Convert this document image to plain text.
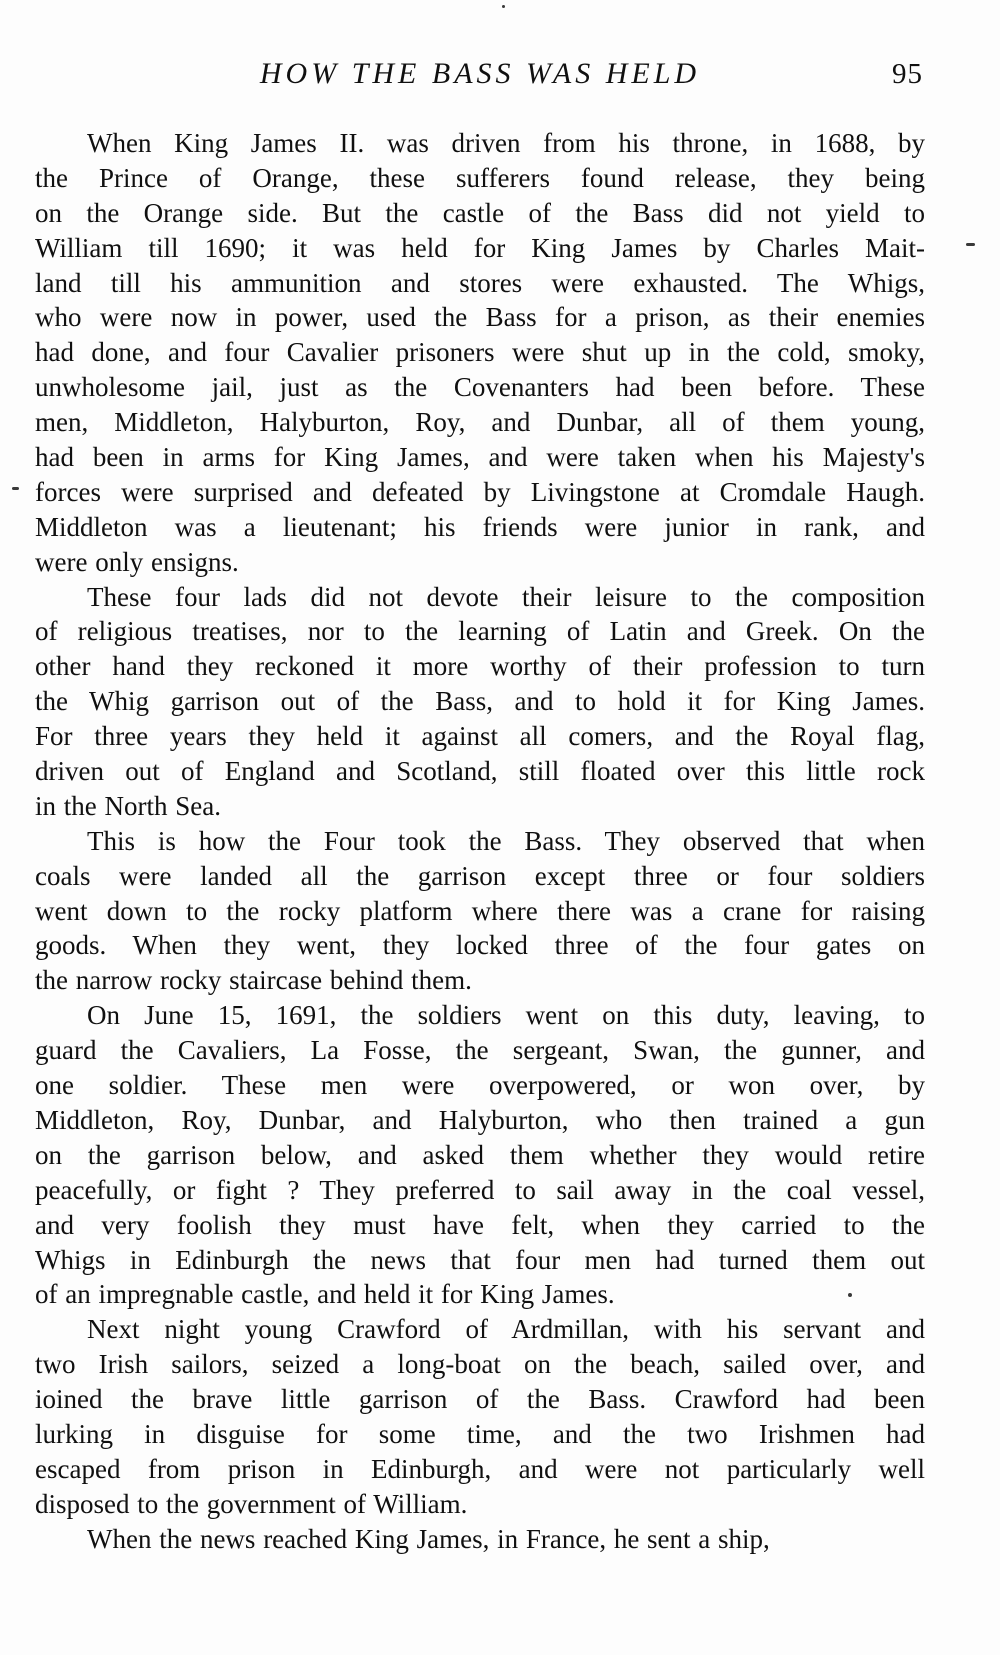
HOW THE BASS WAS HELD	95
When King James II. was driven from his throne, in 1688, by
the Prince of Orange, these sufferers found release, they being
on the Orange side. But the castle of the Bass did not yield to
William till 1690; it was held for King James by Charles Mait-
land till his ammunition and stores were exhausted. The Whigs,
who were now in power, used the Bass for a prison, as their enemies
had done, and four Cavalier prisoners were shut up in the cold, smoky,
unwholesome jail, just as the Covenanters had been before. These
men, Middleton, Halyburton, Roy, and Dunbar, all of them young,
had been in arms for King James, and were taken when his Majesty's
forces were surprised and defeated by Livingstone at Cromdale Haugh.
Middleton was a lieutenant; his friends were junior in rank, and
were only ensigns.
These four lads did not devote their leisure to the composition
of religious treatises, nor to the learning of Latin and Greek. On the
other hand they reckoned it more worthy of their profession to turn
the Whig garrison out of the Bass, and to hold it for King James.
For three years they held it against all comers, and the Royal flag,
driven out of England and Scotland, still floated over this little rock
in the North Sea.
This is how the Four took the Bass. They observed that when
coals were landed all the garrison except three or four soldiers
went down to the rocky platform where there was a crane for raising
goods. When they went, they locked three of the four gates on
the narrow rocky staircase behind them.
On June 15, 1691, the soldiers went on this duty, leaving, to
guard the Cavaliers, La Fosse, the sergeant, Swan, the gunner, and
one soldier. These men were overpowered, or won over, by
Middleton, Roy, Dunbar, and Halyburton, who then trained a gun
on the garrison below, and asked them whether they would retire
peacefully, or fight ? They preferred to sail away in the coal vessel,
and very foolish they must have felt, when they carried to the
Whigs in Edinburgh the news that four men had turned them out
of an impregnable castle, and held it for King James.
Next night young Crawford of Ardmillan, with his servant and
two Irish sailors, seized a long-boat on the beach, sailed over, and
ioined the brave little garrison of the Bass. Crawford had been
lurking in disguise for some time, and the two Irishmen had
escaped from prison in Edinburgh, and were not particularly well
disposed to the government of William.
When the news reached King James, in France, he sent a ship,
